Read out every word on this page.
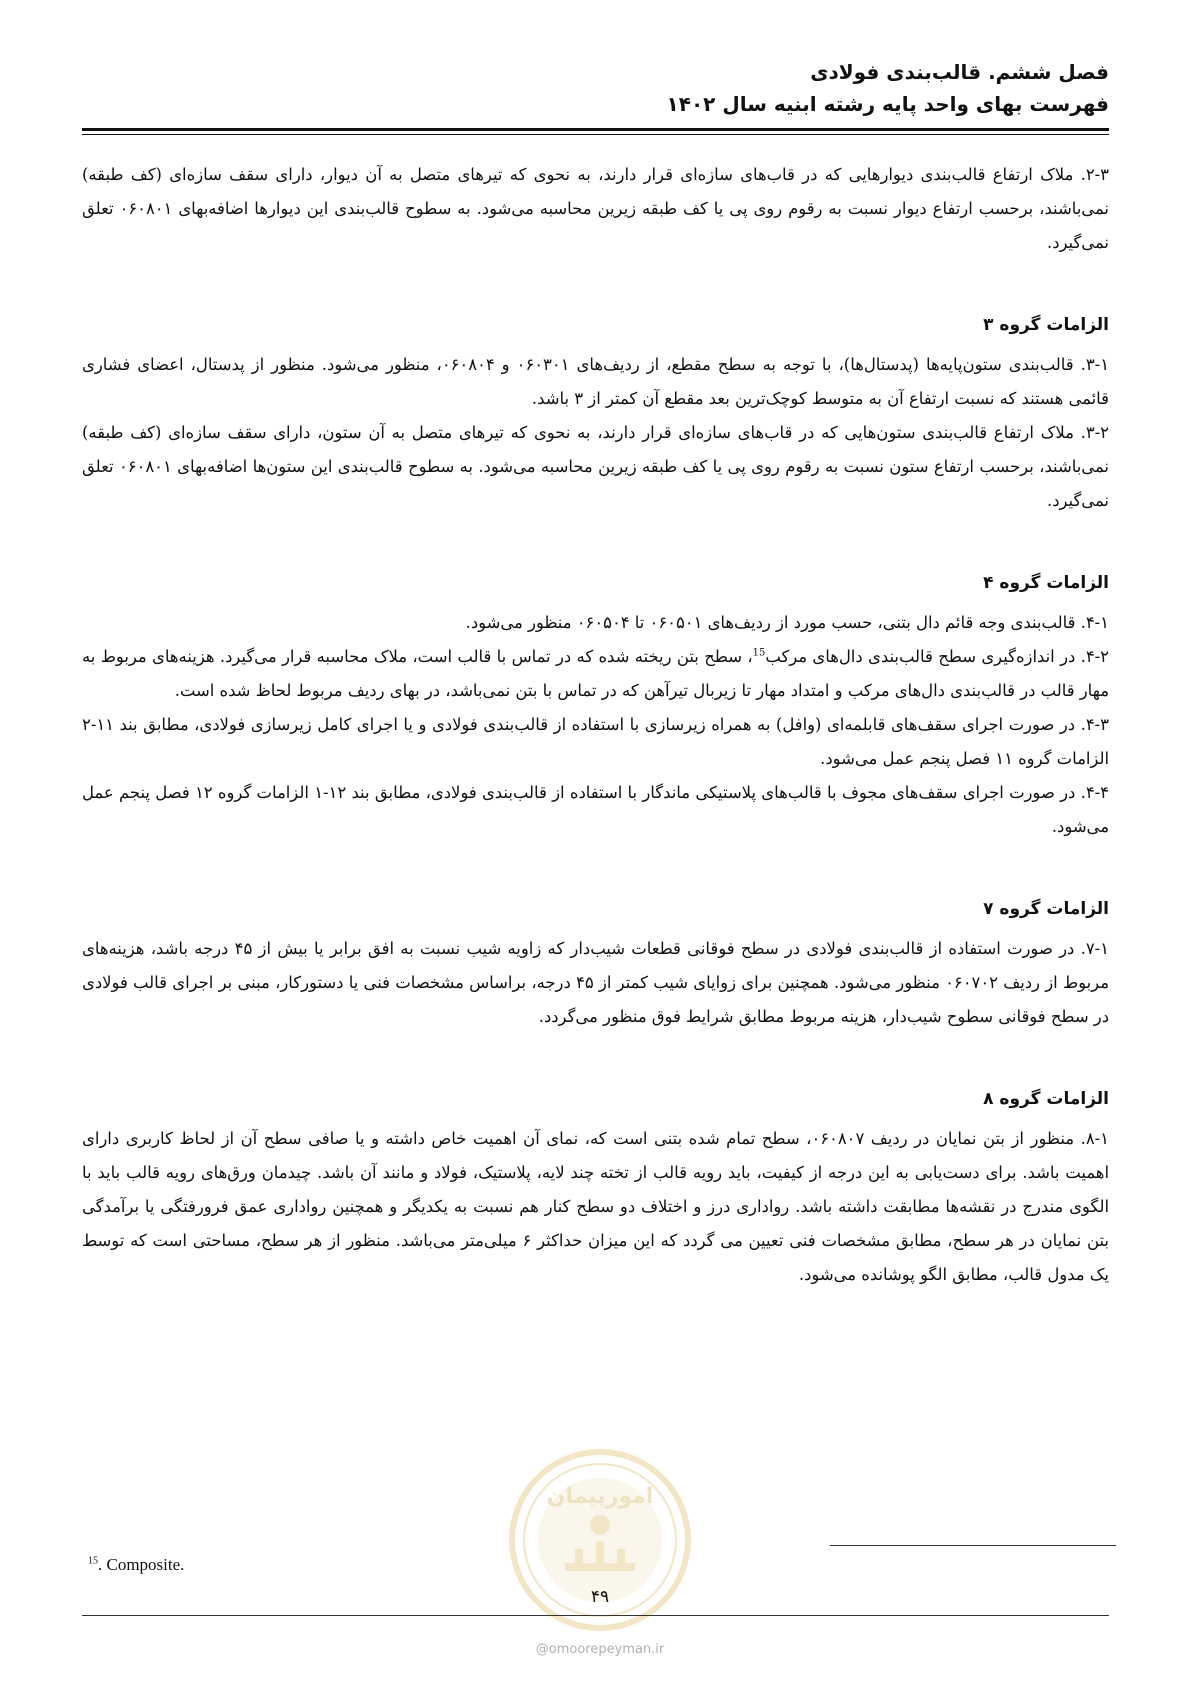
فصل ششم. قالب‌بندی فولادی
فهرست بهای واحد پایه رشته ابنیه سال ۱۴۰۲

۲-۳. ملاک ارتفاع قالب‌بندی دیوارهایی که در قاب‌های سازه‌ای قرار دارند، به نحوی که تیرهای متصل به آن دیوار، دارای سقف سازه‌ای (کف طبقه) نمی‌باشند، برحسب ارتفاع دیوار نسبت به رقوم روی پی یا کف طبقه زیرین محاسبه می‌شود. به سطوح قالب‌بندی این دیوارها اضافه‌بهای ۰۶۰۸۰۱ تعلق نمی‌گیرد.

الزامات گروه ۳

۳-۱. قالب‌بندی ستون‌پایه‌ها (پدستال‌ها)، با توجه به سطح مقطع، از ردیف‌های ۰۶۰۳۰۱ و ۰۶۰۸۰۴، منظور می‌شود. منظور از پدستال، اعضای فشاری قائمی هستند که نسبت ارتفاع آن به متوسط کوچک‌ترین بعد مقطع آن کمتر از ۳ باشد.

۳-۲. ملاک ارتفاع قالب‌بندی ستون‌هایی که در قاب‌های سازه‌ای قرار دارند، به نحوی که تیرهای متصل به آن ستون، دارای سقف سازه‌ای (کف طبقه) نمی‌باشند، برحسب ارتفاع ستون نسبت به رقوم روی پی یا کف طبقه زیرین محاسبه می‌شود. به سطوح قالب‌بندی این ستون‌ها اضافه‌بهای ۰۶۰۸۰۱ تعلق نمی‌گیرد.

الزامات گروه ۴

۴-۱. قالب‌بندی وجه قائم دال بتنی، حسب مورد از ردیف‌های ۰۶۰۵۰۱ تا ۰۶۰۵۰۴ منظور می‌شود.

۴-۲. در اندازه‌گیری سطح قالب‌بندی دال‌های مرکب$^{15}$، سطح بتن ریخته شده که در تماس با قالب است، ملاک محاسبه قرار می‌گیرد. هزینه‌های مربوط به مهار قالب در قالب‌بندی دال‌های مرکب و امتداد مهار تا زیربال تیرآهن که در تماس با بتن نمی‌باشد، در بهای ردیف مربوط لحاظ شده است.

۴-۳. در صورت اجرای سقف‌های قابلمه‌ای (وافل) به همراه زیرسازی با استفاده از قالب‌بندی فولادی و یا اجرای کامل زیرسازی فولادی، مطابق بند ۱۱-۲ الزامات گروه ۱۱ فصل پنجم عمل می‌شود.

۴-۴. در صورت اجرای سقف‌های مجوف با قالب‌های پلاستیکی ماندگار با استفاده از قالب‌بندی فولادی، مطابق بند ۱۲-۱ الزامات گروه ۱۲ فصل پنجم عمل می‌شود.

الزامات گروه ۷

۷-۱. در صورت استفاده از قالب‌بندی فولادی در سطح فوقانی قطعات شیب‌دار که زاویه شیب نسبت به افق برابر یا بیش از ۴۵ درجه باشد، هزینه‌های مربوط از ردیف ۰۶۰۷۰۲ منظور می‌شود. همچنین برای زوایای شیب کمتر از ۴۵ درجه، براساس مشخصات فنی یا دستورکار، مبنی بر اجرای قالب فولادی در سطح فوقانی سطوح شیب‌دار، هزینه مربوط مطابق شرایط فوق منظور می‌گردد.

الزامات گروه ۸

۸-۱. منظور از بتن نمایان در ردیف ۰۶۰۸۰۷، سطح تمام شده بتنی است که، نمای آن اهمیت خاص داشته و یا صافی سطح آن از لحاظ کاربری دارای اهمیت باشد. برای دست‌یابی به این درجه از کیفیت، باید رویه قالب از تخته چند لایه، پلاستیک، فولاد و مانند آن باشد. چیدمان ورق‌های رویه قالب باید با الگوی مندرج در نقشه‌ها مطابقت داشته باشد. رواداری درز و اختلاف دو سطح کنار هم نسبت به یکدیگر و همچنین رواداری عمق فرورفتگی یا برآمدگی بتن نمایان در هر سطح، مطابق مشخصات فنی تعیین می گردد که این میزان حداکثر ۶ میلی‌متر می‌باشد. منظور از هر سطح، مساحتی است که توسط یک مدول قالب، مطابق الگو پوشانده می‌شود.

امورپیمان
$^{15}$. Composite.
۴۹
@omoorepeyman.ir
